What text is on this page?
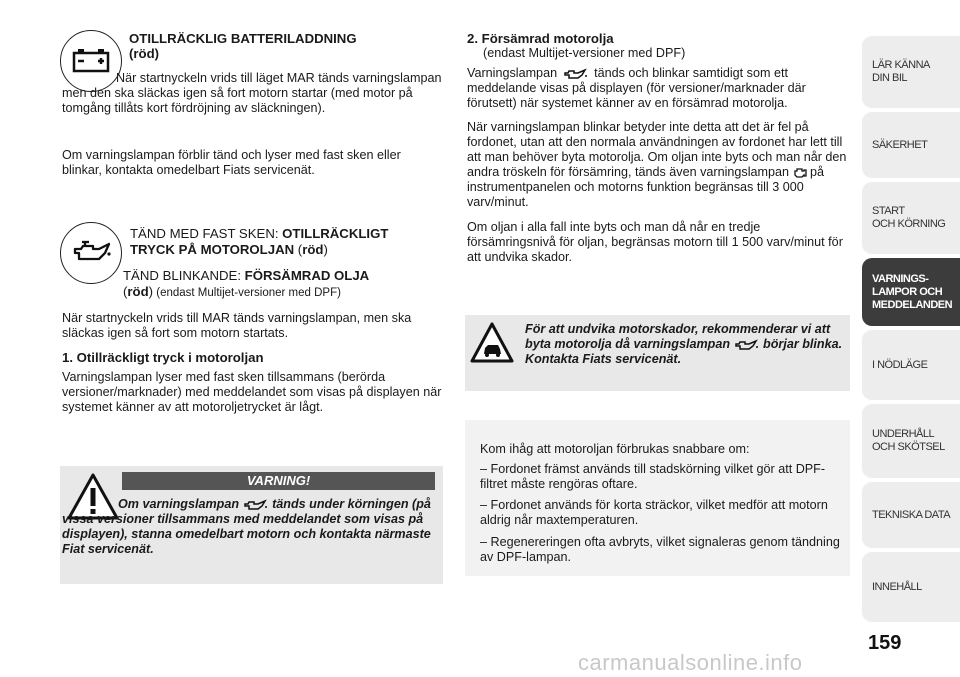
OTILLRÄCKLIG BATTERILADDNING
(röd)

När startnyckeln vrids till läget MAR tänds varningslampan men den ska släckas igen så fort motorn startar (med motor på tomgång tillåts kort fördröjning av släckningen).

Om varningslampan förblir tänd och lyser med fast sken eller blinkar, kontakta omedelbart Fiats servicenät.

TÄND MED FAST SKEN: OTILLRÄCKLIGT
TRYCK PÅ MOTOROLJAN (röd)

TÄND BLINKANDE: FÖRSÄMRAD OLJA
(röd) (endast Multijet-versioner med DPF)

När startnyckeln vrids till MAR tänds varningslampan, men ska släckas igen så fort som motorn startats.

1. Otillräckligt tryck i motoroljan

Varningslampan lyser med fast sken tillsammans (berörda versioner/marknader) med meddelandet som visas på displayen när systemet känner av att motoroljetrycket är lågt.

VARNING!

Om varningslampan  tänds under körningen (på vissa versioner tillsammans med meddelandet som visas på displayen), stanna omedelbart motorn och kontakta närmaste Fiat servicenät.

2. Försämrad motorolja

(endast Multijet-versioner med DPF)

Varningslampan  tänds och blinkar samtidigt som ett meddelande visas på displayen (för versioner/marknader där förutsett) när systemet känner av en försämrad motorolja.

När varningslampan blinkar betyder inte detta att det är fel på fordonet, utan att den normala användningen av fordonet har lett till att man behöver byta motorolja. Om oljan inte byts och man når den andra tröskeln för försämring, tänds även varningslampan  på instrumentpanelen och motorns funktion begränsas till 3 000 varv/minut.

Om oljan i alla fall inte byts och man då når en tredje försämringsnivå för oljan, begränsas motorn till 1 500 varv/minut för att undvika skador.

För att undvika motorskador, rekommenderar vi att byta motorolja då varningslampan  börjar blinka.
Kontakta Fiats servicenät.

Kom ihåg att motoroljan förbrukas snabbare om:

– Fordonet främst används till stadskörning vilket gör att DPF-filtret måste rengöras oftare.

– Fordonet används för korta sträckor, vilket medför att motorn aldrig når maxtemperaturen.

– Regenereringen ofta avbryts, vilket signaleras genom tändning av DPF-lampan.

LÄR KÄNNA
DIN BIL
SÄKERHET
START
OCH KÖRNING
VARNINGS-
LAMPOR OCH
MEDDELANDEN
I NÖDLÄGE
UNDERHÅLL
OCH SKÖTSEL
TEKNISKA DATA
INNEHÅLL

159

carmanualsonline.info
